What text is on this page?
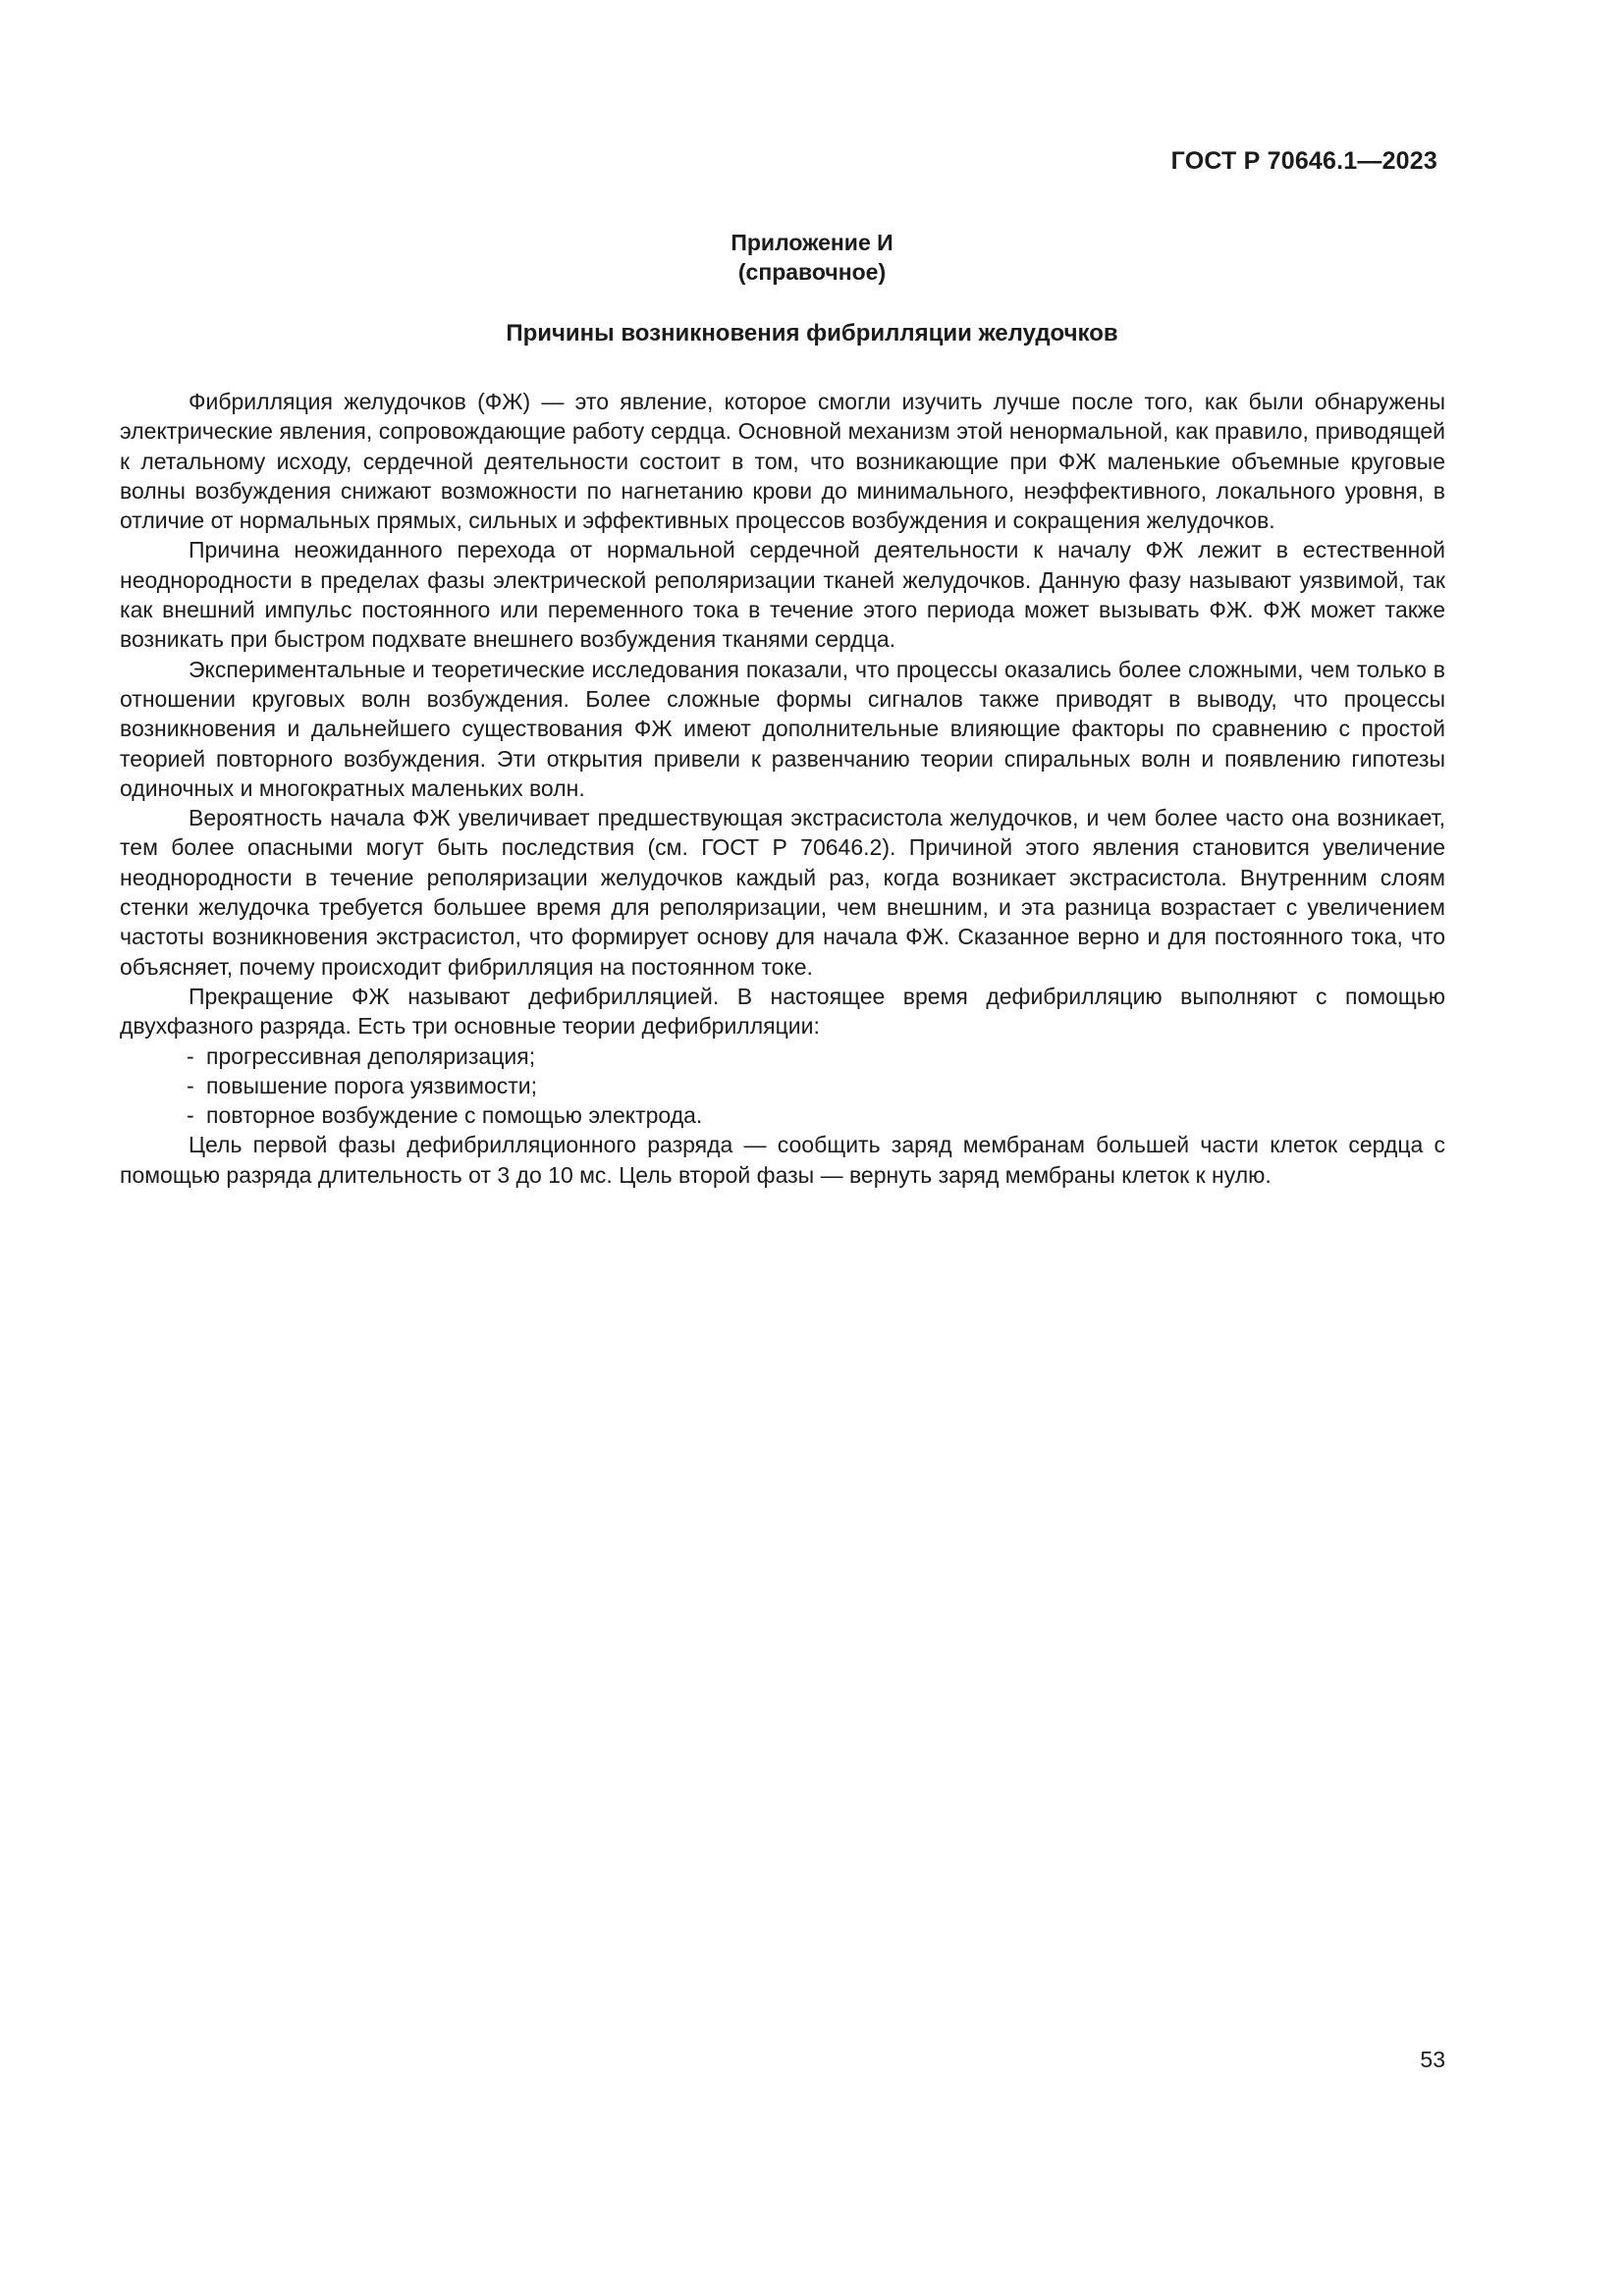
ГОСТ Р 70646.1—2023
Приложение И
(справочное)
Причины возникновения фибрилляции желудочков

Фибрилляция желудочков (ФЖ) — это явление, которое смогли изучить лучше после того, как были обнаружены электрические явления, сопровождающие работу сердца. Основной механизм этой ненормальной, как правило, приводящей к летальному исходу, сердечной деятельности состоит в том, что возникающие при ФЖ маленькие объемные круговые волны возбуждения снижают возможности по нагнетанию крови до минимального, неэффективного, локального уровня, в отличие от нормальных прямых, сильных и эффективных процессов возбуждения и сокращения желудочков.

Причина неожиданного перехода от нормальной сердечной деятельности к началу ФЖ лежит в естественной неоднородности в пределах фазы электрической реполяризации тканей желудочков. Данную фазу называют уязвимой, так как внешний импульс постоянного или переменного тока в течение этого периода может вызывать ФЖ. ФЖ может также возникать при быстром подхвате внешнего возбуждения тканями сердца.

Экспериментальные и теоретические исследования показали, что процессы оказались более сложными, чем только в отношении круговых волн возбуждения. Более сложные формы сигналов также приводят в выводу, что процессы возникновения и дальнейшего существования ФЖ имеют дополнительные влияющие факторы по сравнению с простой теорией повторного возбуждения. Эти открытия привели к развенчанию теории спиральных волн и появлению гипотезы одиночных и многократных маленьких волн.

Вероятность начала ФЖ увеличивает предшествующая экстрасистола желудочков, и чем более часто она возникает, тем более опасными могут быть последствия (см. ГОСТ Р 70646.2). Причиной этого явления становится увеличение неоднородности в течение реполяризации желудочков каждый раз, когда возникает экстрасистола. Внутренним слоям стенки желудочка требуется большее время для реполяризации, чем внешним, и эта разница возрастает с увеличением частоты возникновения экстрасистол, что формирует основу для начала ФЖ. Сказанное верно и для постоянного тока, что объясняет, почему происходит фибрилляция на постоянном токе.

Прекращение ФЖ называют дефибрилляцией. В настоящее время дефибрилляцию выполняют с помощью двухфазного разряда. Есть три основные теории дефибрилляции:

- прогрессивная деполяризация;
- повышение порога уязвимости;
- повторное возбуждение с помощью электрода.

Цель первой фазы дефибрилляционного разряда — сообщить заряд мембранам большей части клеток сердца с помощью разряда длительность от 3 до 10 мс. Цель второй фазы — вернуть заряд мембраны клеток к нулю.

53
